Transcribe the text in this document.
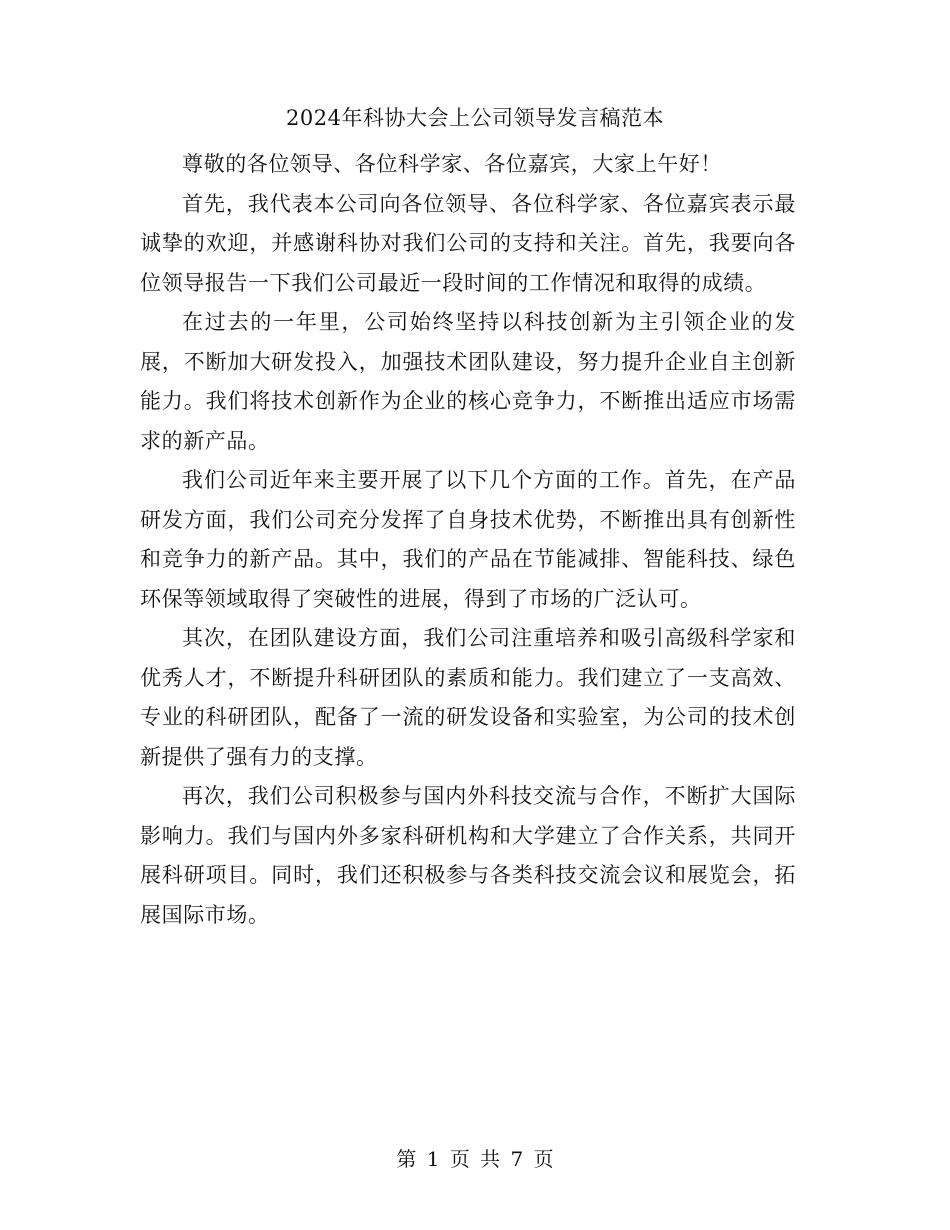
2024年科协大会上公司领导发言稿范本

尊敬的各位领导、各位科学家、各位嘉宾，大家上午好！

首先，我代表本公司向各位领导、各位科学家、各位嘉宾表示最诚挚的欢迎，并感谢科协对我们公司的支持和关注。首先，我要向各位领导报告一下我们公司最近一段时间的工作情况和取得的成绩。

在过去的一年里，公司始终坚持以科技创新为主引领企业的发展，不断加大研发投入，加强技术团队建设，努力提升企业自主创新能力。我们将技术创新作为企业的核心竞争力，不断推出适应市场需求的新产品。

我们公司近年来主要开展了以下几个方面的工作。首先，在产品研发方面，我们公司充分发挥了自身技术优势，不断推出具有创新性和竞争力的新产品。其中，我们的产品在节能减排、智能科技、绿色环保等领域取得了突破性的进展，得到了市场的广泛认可。

其次，在团队建设方面，我们公司注重培养和吸引高级科学家和优秀人才，不断提升科研团队的素质和能力。我们建立了一支高效、专业的科研团队，配备了一流的研发设备和实验室，为公司的技术创新提供了强有力的支撑。

再次，我们公司积极参与国内外科技交流与合作，不断扩大国际影响力。我们与国内外多家科研机构和大学建立了合作关系，共同开展科研项目。同时，我们还积极参与各类科技交流会议和展览会，拓展国际市场。

第 1 页 共 7 页
